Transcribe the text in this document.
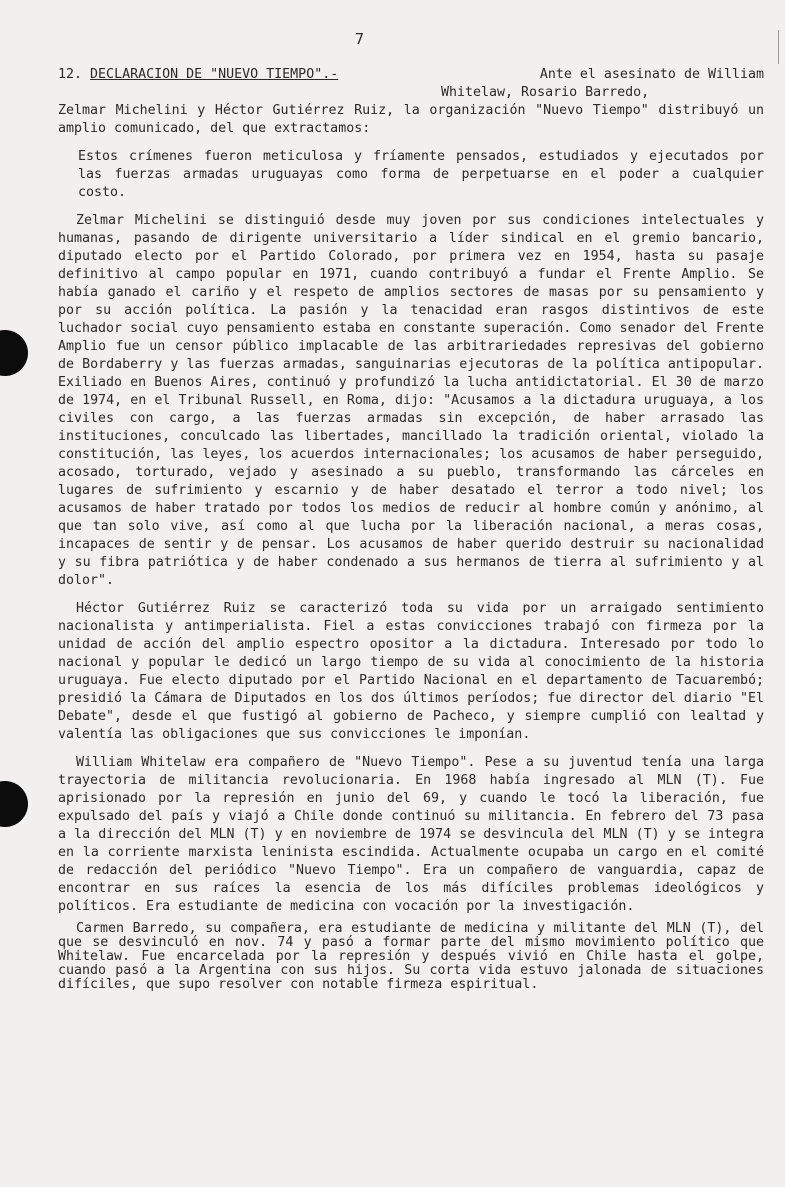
7
12. DECLARACION DE "NUEVO TIEMPO".-	Ante el asesinato de William

Whitelaw, Rosario Barredo,

Zelmar Michelini y Héctor Gutiérrez Ruiz, la organización "Nuevo Tiempo" distribuyó un amplio comunicado, del que extractamos:

Estos crímenes fueron meticulosa y fríamente pensados, estudiados y ejecutados por las fuerzas armadas uruguayas como forma de perpetuarse en el poder a cualquier costo.

Zelmar Michelini se distinguió desde muy joven por sus condiciones intelectuales y humanas, pasando de dirigente universitario a líder sindical en el gremio bancario, diputado electo por el Partido Colorado, por primera vez en 1954, hasta su pasaje definitivo al campo popular en 1971, cuando contribuyó a fundar el Frente Amplio. Se había ganado el cariño y el respeto de amplios sectores de masas por su pensamiento y por su acción política. La pasión y la tenacidad eran rasgos distintivos de este luchador social cuyo pensamiento estaba en constante superación. Como senador del Frente Amplio fue un censor público implacable de las arbitrariedades represivas del gobierno de Bordaberry y las fuerzas armadas, sanguinarias ejecutoras de la política antipopular. Exiliado en Buenos Aires, continuó y profundizó la lucha antidictatorial. El 30 de marzo de 1974, en el Tribunal Russell, en Roma, dijo: "Acusamos a la dictadura uruguaya, a los civiles con cargo, a las fuerzas armadas sin excepción, de haber arrasado las instituciones, conculcado las libertades, mancillado la tradición oriental, violado la constitución, las leyes, los acuerdos internacionales; los acusamos de haber perseguido, acosado, torturado, vejado y asesinado a su pueblo, transformando las cárceles en lugares de sufrimiento y escarnio y de haber desatado el terror a todo nivel; los acusamos de haber tratado por todos los medios de reducir al hombre común y anónimo, al que tan solo vive, así como al que lucha por la liberación nacional, a meras cosas, incapaces de sentir y de pensar. Los acusamos de haber querido destruir su nacionalidad y su fibra patriótica y de haber condenado a sus hermanos de tierra al sufrimiento y al dolor".

Héctor Gutiérrez Ruiz se caracterizó toda su vida por un arraigado sentimiento nacionalista y antimperialista. Fiel a estas convicciones trabajó con firmeza por la unidad de acción del amplio espectro opositor a la dictadura. Interesado por todo lo nacional y popular le dedicó un largo tiempo de su vida al conocimiento de la historia uruguaya. Fue electo diputado por el Partido Nacional en el departamento de Tacuarembó; presidió la Cámara de Diputados en los dos últimos períodos; fue director del diario "El Debate", desde el que fustigó al gobierno de Pacheco, y siempre cumplió con lealtad y valentía las obligaciones que sus convicciones le imponían.

William Whitelaw era compañero de "Nuevo Tiempo". Pese a su juventud tenía una larga trayectoria de militancia revolucionaria. En 1968 había ingresado al MLN (T). Fue aprisionado por la represión en junio del 69, y cuando le tocó la liberación, fue expulsado del país y viajó a Chile donde continuó su militancia. En febrero del 73 pasa a la dirección del MLN (T) y en noviembre de 1974 se desvincula del MLN (T) y se integra en la corriente marxista leninista escindida. Actualmente ocupaba un cargo en el comité de redacción del periódico "Nuevo Tiempo". Era un compañero de vanguardia, capaz de encontrar en sus raíces la esencia de los más difíciles problemas ideológicos y políticos. Era estudiante de medicina con vocación por la investigación.

Carmen Barredo, su compañera, era estudiante de medicina y militante del MLN (T), del que se desvinculó en nov. 74 y pasó a formar parte del mismo movimiento político que Whitelaw. Fue encarcelada por la represión y después vivió en Chile hasta el golpe, cuando pasó a la Argentina con sus hijos. Su corta vida estuvo jalonada de situaciones difíciles, que supo resolver con notable firmeza espiritual.
